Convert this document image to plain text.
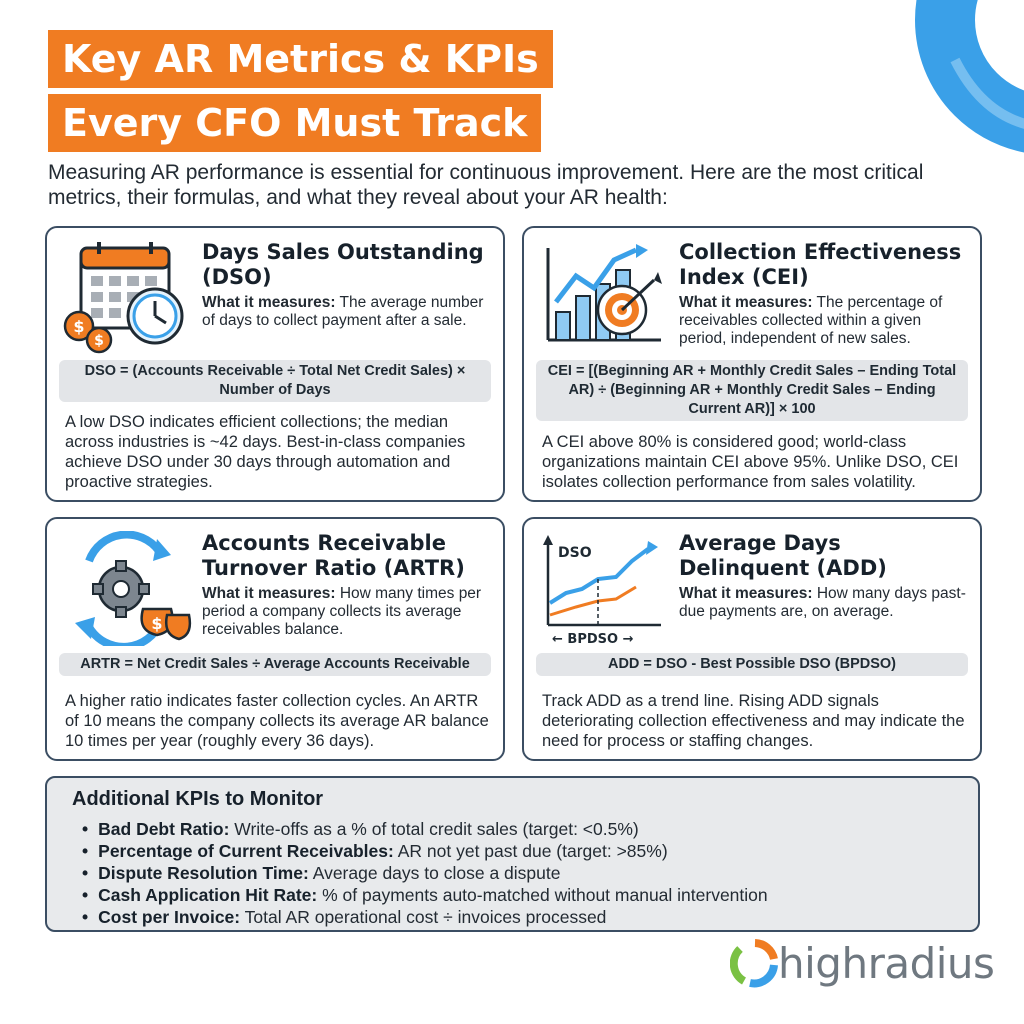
Key AR Metrics & KPIs
Every CFO Must Track

Measuring AR performance is essential for continuous improvement. Here are the most critical metrics, their formulas, and what they reveal about your AR health:

$
$
Days Sales Outstanding (DSO)

What it measures: The average number of days to collect payment after a sale.

DSO = (Accounts Receivable ÷ Total Net Credit Sales) × Number of Days

A low DSO indicates efficient collections; the median across industries is ~42 days. Best-in-class companies achieve DSO under 30 days through automation and proactive strategies.

Collection Effectiveness Index (CEI)

What it measures: The percentage of receivables collected within a given period, independent of new sales.

CEI = [(Beginning AR + Monthly Credit Sales – Ending Total AR) ÷ (Beginning AR + Monthly Credit Sales – Ending Current AR)] × 100

A CEI above 80% is considered good; world-class organizations maintain CEI above 95%. Unlike DSO, CEI isolates collection performance from sales volatility.

$
Accounts Receivable Turnover Ratio (ARTR)

What it measures: How many times per period a company collects its average receivables balance.

ARTR = Net Credit Sales ÷ Average Accounts Receivable

A higher ratio indicates faster collection cycles. An ARTR of 10 means the company collects its average AR balance 10 times per year (roughly every 36 days).

DSO
← BPDSO →
Average Days Delinquent (ADD)

What it measures: How many days past-due payments are, on average.

ADD = DSO - Best Possible DSO (BPDSO)

Track ADD as a trend line. Rising ADD signals deteriorating collection effectiveness and may indicate the need for process or staffing changes.

Additional KPIs to Monitor
• Bad Debt Ratio: Write-offs as a % of total credit sales (target: <0.5%)
• Percentage of Current Receivables: AR not yet past due (target: >85%)
• Dispute Resolution Time: Average days to close a dispute
• Cash Application Hit Rate: % of payments auto-matched without manual intervention
• Cost per Invoice: Total AR operational cost ÷ invoices processed
highradius
